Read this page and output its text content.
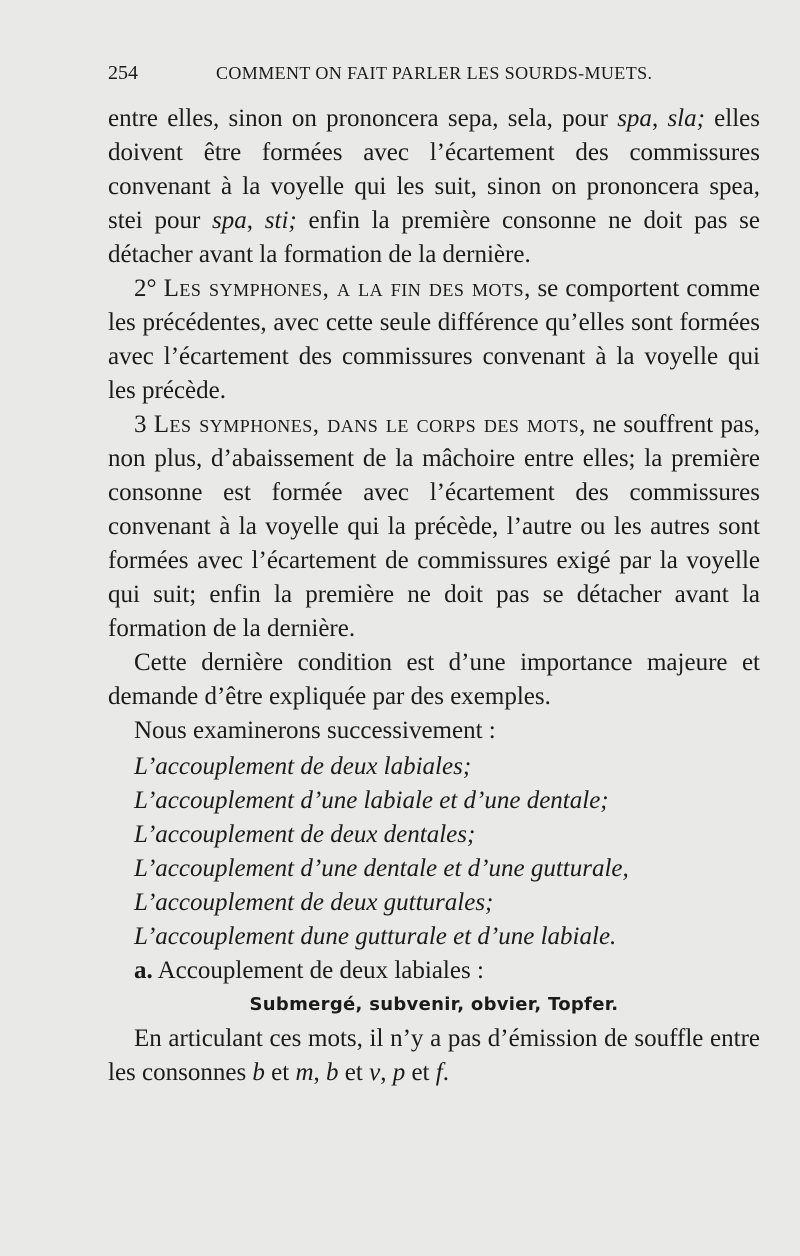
254	COMMENT ON FAIT PARLER LES SOURDS-MUETS.

entre elles, sinon on prononcera sepa, sela, pour spa, sla; elles doivent être formées avec l’écartement des commissures convenant à la voyelle qui les suit, sinon on prononcera spea, stei pour spa, sti; enfin la première consonne ne doit pas se détacher avant la formation de la dernière.

2° Les symphones, a la fin des mots, se comportent comme les précédentes, avec cette seule différence qu’elles sont formées avec l’écartement des commissures convenant à la voyelle qui les précède.

3 Les symphones, dans le corps des mots, ne souffrent pas, non plus, d’abaissement de la mâchoire entre elles; la première consonne est formée avec l’écartement des commissures convenant à la voyelle qui la précède, l’autre ou les autres sont formées avec l’écartement de commissures exigé par la voyelle qui suit; enfin la première ne doit pas se détacher avant la formation de la dernière.

Cette dernière condition est d’une importance majeure et demande d’être expliquée par des exemples.

Nous examinerons successivement :

L’accouplement de deux labiales;
L’accouplement d’une labiale et d’une dentale;
L’accouplement de deux dentales;
L’accouplement d’une dentale et d’une gutturale,
L’accouplement de deux gutturales;
L’accouplement dune gutturale et d’une labiale.

a. Accouplement de deux labiales :

Submergé, subvenir, obvier, Topfer.

En articulant ces mots, il n’y a pas d’émission de souffle entre les consonnes b et m, b et v, p et f.
